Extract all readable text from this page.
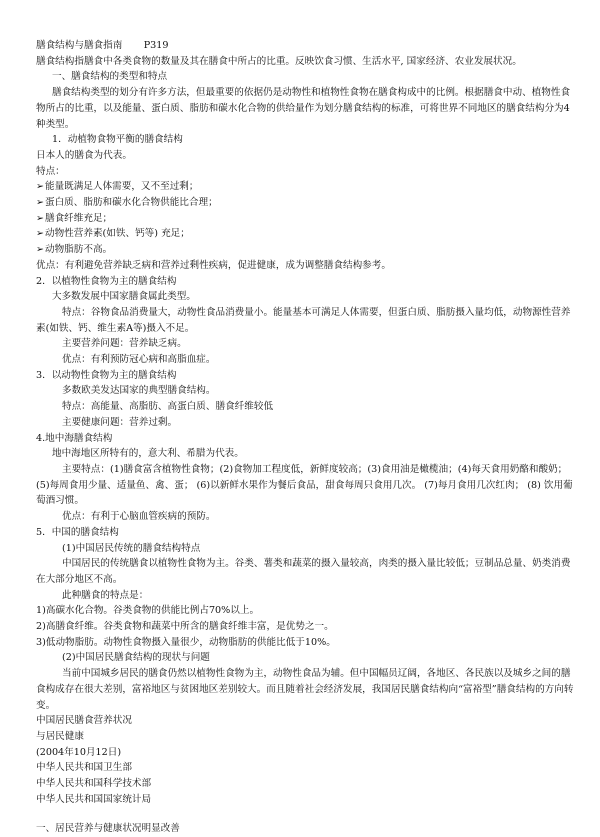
膳食结构与膳食指南 P319
膳食结构指膳食中各类食物的数量及其在膳食中所占的比重。反映饮食习惯、生活水平, 国家经济、农业发展状况。
一、膳食结构的类型和特点
膳食结构类型的划分有许多方法，但最重要的依据仍是动物性和植物性食物在膳食构成中的比例。根据膳食中动、植物性食物所占的比重，以及能量、蛋白质、脂肪和碳水化合物的供给量作为划分膳食结构的标准，可将世界不同地区的膳食结构分为4种类型。
1．动植物食物平衡的膳食结构
日本人的膳食为代表。
特点：
➢能量既满足人体需要，又不至过剩；
➢蛋白质、脂肪和碳水化合物供能比合理；
➢膳食纤维充足；
➢动物性营养素(如铁、钙等) 充足；
➢动物脂肪不高。
优点：有利避免营养缺乏病和营养过剩性疾病，促进健康，成为调整膳食结构参考。
2．以植物性食物为主的膳食结构
大多数发展中国家膳食属此类型。
特点：谷物食品消费量大，动物性食品消费量小。能量基本可满足人体需要，但蛋白质、脂肪摄入量均低，动物源性营养素(如铁、钙、维生素A等)摄入不足。
主要营养问题：营养缺乏病。
优点：有利预防冠心病和高脂血症。
3．以动物性食物为主的膳食结构
多数欧美发达国家的典型膳食结构。
特点：高能量、高脂肪、高蛋白质、膳食纤维较低
主要健康问题：营养过剩。
4.地中海膳食结构
地中海地区所特有的，意大利、希腊为代表。
主要特点：(1)膳食富含植物性食物；(2)食物加工程度低，新鲜度较高；(3)食用油是橄榄油；(4)每天食用奶酪和酸奶； (5)每周食用少量、适量鱼、禽、蛋； (6)以新鲜水果作为餐后食品，甜食每周只食用几次。 (7)每月食用几次红肉； (8) 饮用葡萄酒习惯。
优点：有利于心脑血管疾病的预防。
5．中国的膳食结构
(1)中国居民传统的膳食结构特点
中国居民的传统膳食以植物性食物为主。谷类、薯类和蔬菜的摄入量较高，肉类的摄入量比较低；豆制品总量、奶类消费在大部分地区不高。
此种膳食的特点是：
1)高碳水化合物。谷类食物的供能比例占70%以上。
2)高膳食纤维。谷类食物和蔬菜中所含的膳食纤维丰富，是优势之一。
3)低动物脂肪。动物性食物摄入量很少，动物脂肪的供能比低于10%。
(2)中国居民膳食结构的现状与问题
当前中国城乡居民的膳食仍然以植物性食物为主，动物性食品为辅。但中国幅员辽阔，各地区、各民族以及城乡之间的膳食构成存在很大差别，富裕地区与贫困地区差别较大。而且随着社会经济发展，我国居民膳食结构向“富裕型”膳食结构的方向转变。
中国居民膳食营养状况
与居民健康
(2004年10月12日)
中华人民共和国卫生部
中华人民共和国科学技术部
中华人民共和国国家统计局
一、居民营养与健康状况明显改善
